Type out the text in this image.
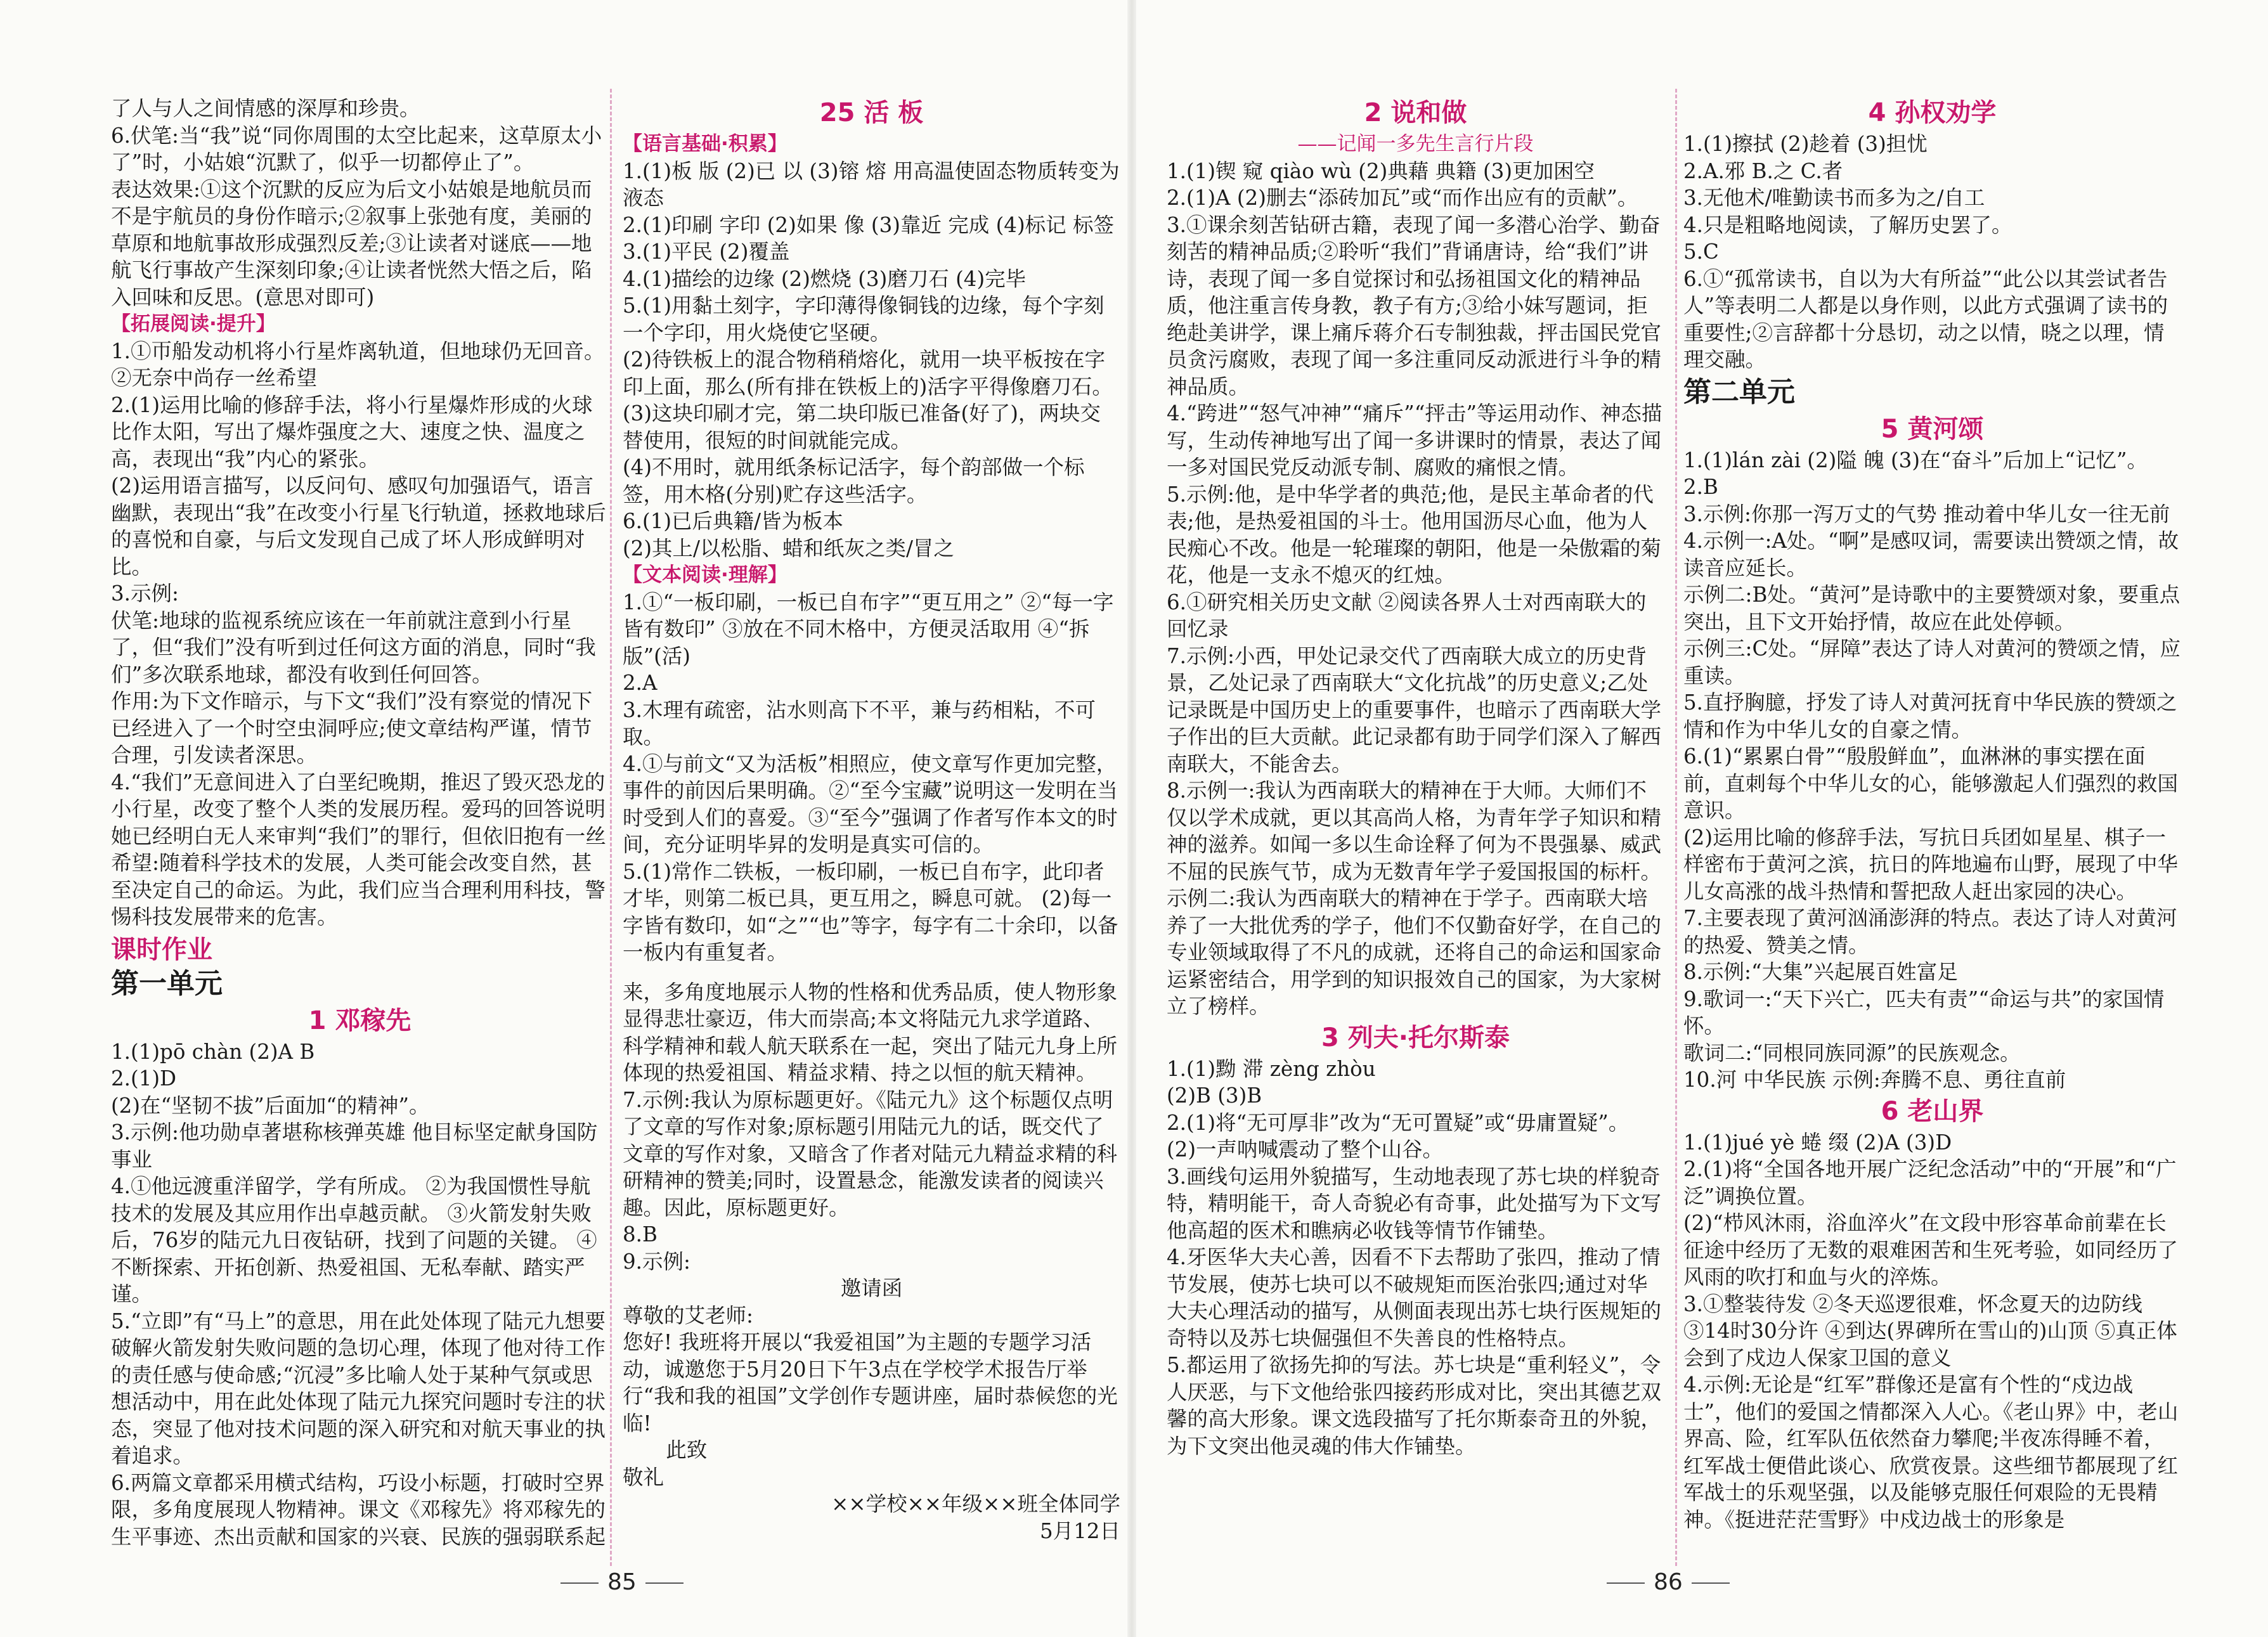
了人与人之间情感的深厚和珍贵。

6.伏笔:当“我”说“同你周围的太空比起来，这草原太小了”时，小姑娘“沉默了，似乎一切都停止了”。

表达效果:①这个沉默的反应为后文小姑娘是地航员而不是宇航员的身份作暗示;②叙事上张弛有度，美丽的草原和地航事故形成强烈反差;③让读者对谜底——地航飞行事故产生深刻印象;④让读者恍然大悟之后，陷入回味和反思。(意思对即可)

【拓展阅读·提升】

1.①帀船发动机将小行星炸离轨道，但地球仍无回音。 ②无奈中尚存一丝希望

2.(1)运用比喻的修辞手法，将小行星爆炸形成的火球比作太阳，写出了爆炸强度之大、速度之快、温度之高，表现出“我”内心的紧张。

(2)运用语言描写，以反问句、感叹句加强语气，语言幽默，表现出“我”在改变小行星飞行轨道，拯救地球后的喜悦和自豪，与后文发现自己成了坏人形成鲜明对比。

3.示例:

伏笔:地球的监视系统应该在一年前就注意到小行星了，但“我们”没有听到过任何这方面的消息，同时“我们”多次联系地球，都没有收到任何回答。

作用:为下文作暗示，与下文“我们”没有察觉的情况下已经进入了一个时空虫洞呼应;使文章结构严谨，情节合理，引发读者深思。

4.“我们”无意间进入了白垩纪晚期，推迟了毁灭恐龙的小行星，改变了整个人类的发展历程。爱玛的回答说明她已经明白无人来审判“我们”的罪行，但依旧抱有一丝希望:随着科学技术的发展，人类可能会改变自然，甚至决定自己的命运。为此，我们应当合理利用科技，警惕科技发展带来的危害。

课时作业

第一单元

1 邓稼先

1.(1)pō chàn (2)A B

2.(1)D

(2)在“坚韧不拔”后面加“的精神”。

3.示例:他功勋卓著堪称核弹英雄 他目标坚定献身国防事业

4.①他远渡重洋留学，学有所成。 ②为我国惯性导航技术的发展及其应用作出卓越贡献。 ③火箭发射失败后，76岁的陆元九日夜钻研，找到了问题的关键。 ④不断探索、开拓创新、热爱祖国、无私奉献、踏实严谨。

5.“立即”有“马上”的意思，用在此处体现了陆元九想要破解火箭发射失败问题的急切心理，体现了他对待工作的责任感与使命感;“沉浸”多比喻人处于某种气氛或思想活动中，用在此处体现了陆元九探究问题时专注的状态，突显了他对技术问题的深入研究和对航天事业的执着追求。

6.两篇文章都采用横式结构，巧设小标题，打破时空界限，多角度展现人物精神。课文《邓稼先》将邓稼先的生平事迹、杰出贡献和国家的兴衰、民族的强弱联系起

25 活 板

【语言基础·积累】

1.(1)板 版 (2)已 以 (3)镕 熔 用高温使固态物质转变为液态

2.(1)印刷 字印 (2)如果 像 (3)靠近 完成 (4)标记 标签

3.(1)平民 (2)覆盖

4.(1)描绘的边缘 (2)燃烧 (3)磨刀石 (4)完毕

5.(1)用黏土刻字，字印薄得像铜钱的边缘，每个字刻一个字印，用火烧使它坚硬。

(2)待铁板上的混合物稍稍熔化，就用一块平板按在字印上面，那么(所有排在铁板上的)活字平得像磨刀石。

(3)这块印刷才完，第二块印版已准备(好了)，两块交替使用，很短的时间就能完成。

(4)不用时，就用纸条标记活字，每个韵部做一个标签，用木格(分别)贮存这些活字。

6.(1)已后典籍/皆为板本

(2)其上/以松脂、蜡和纸灰之类/冒之

【文本阅读·理解】

1.①“一板印刷，一板已自布字”“更互用之” ②“每一字皆有数印” ③放在不同木格中，方便灵活取用 ④“拆版”(活)

2.A

3.木理有疏密，沾水则高下不平，兼与药相粘，不可取。

4.①与前文“又为活板”相照应，使文章写作更加完整，事件的前因后果明确。②“至今宝藏”说明这一发明在当时受到人们的喜爱。③“至今”强调了作者写作本文的时间，充分证明毕昇的发明是真实可信的。

5.(1)常作二铁板，一板印刷，一板已自布字，此印者才毕，则第二板已具，更互用之，瞬息可就。 (2)每一字皆有数印，如“之”“也”等字，每字有二十余印，以备一板内有重复者。

来，多角度地展示人物的性格和优秀品质，使人物形象显得悲壮豪迈，伟大而崇高;本文将陆元九求学道路、科学精神和载人航天联系在一起，突出了陆元九身上所体现的热爱祖国、精益求精、持之以恒的航天精神。

7.示例:我认为原标题更好。《陆元九》这个标题仅点明了文章的写作对象;原标题引用陆元九的话，既交代了文章的写作对象，又暗含了作者对陆元九精益求精的科研精神的赞美;同时，设置悬念，能激发读者的阅读兴趣。因此，原标题更好。

8.B

9.示例:

邀请函

尊敬的艾老师:

您好! 我班将开展以“我爱祖国”为主题的专题学习活动，诚邀您于5月20日下午3点在学校学术报告厅举行“我和我的祖国”文学创作专题讲座，届时恭候您的光临!

此致

敬礼

××学校××年级××班全体同学

5月12日

2 说和做

——记闻一多先生言行片段

1.(1)锲 窥 qiào wù (2)典藉 典籍 (3)更加困空

2.(1)A (2)删去“添砖加瓦”或“而作出应有的贡献”。

3.①课余刻苦钻研古籍，表现了闻一多潜心治学、勤奋刻苦的精神品质;②聆听“我们”背诵唐诗，给“我们”讲诗，表现了闻一多自觉探讨和弘扬祖国文化的精神品质，他注重言传身教，教子有方;③给小妹写题词，拒绝赴美讲学，课上痛斥蒋介石专制独裁，抨击国民党官员贪污腐败，表现了闻一多注重同反动派进行斗争的精神品质。

4.“跨进”“怒气冲神”“痛斥”“抨击”等运用动作、神态描写，生动传神地写出了闻一多讲课时的情景，表达了闻一多对国民党反动派专制、腐败的痛恨之情。

5.示例:他，是中华学者的典范;他，是民主革命者的代表;他，是热爱祖国的斗士。他用国沥尽心血，他为人民痴心不改。他是一轮璀璨的朝阳，他是一朵傲霜的菊花，他是一支永不熄灭的红烛。

6.①研究相关历史文献 ②阅读各界人士对西南联大的回忆录

7.示例:小西，甲处记录交代了西南联大成立的历史背景，乙处记录了西南联大“文化抗战”的历史意义;乙处记录既是中国历史上的重要事件，也暗示了西南联大学子作出的巨大贡献。此记录都有助于同学们深入了解西南联大，不能舍去。

8.示例一:我认为西南联大的精神在于大师。大师们不仅以学术成就，更以其高尚人格，为青年学子知识和精神的滋养。如闻一多以生命诠释了何为不畏强暴、威武不屈的民族气节，成为无数青年学子爱国报国的标杆。

示例二:我认为西南联大的精神在于学子。西南联大培养了一大批优秀的学子，他们不仅勤奋好学，在自己的专业领域取得了不凡的成就，还将自己的命运和国家命运紧密结合，用学到的知识报效自己的国家，为大家树立了榜样。

3 列夫·托尔斯泰

1.(1)黝 滞 zèng zhòu

(2)B (3)B

2.(1)将“无可厚非”改为“无可置疑”或“毋庸置疑”。

(2)一声呐喊震动了整个山谷。

3.画线句运用外貌描写，生动地表现了苏七块的样貌奇特，精明能干，奇人奇貌必有奇事，此处描写为下文写他高超的医术和瞧病必收钱等情节作铺垫。

4.牙医华大夫心善，因看不下去帮助了张四，推动了情节发展，使苏七块可以不破规矩而医治张四;通过对华大夫心理活动的描写，从侧面表现出苏七块行医规矩的奇特以及苏七块倔强但不失善良的性格特点。

5.都运用了欲扬先抑的写法。苏七块是“重利轻义”，令人厌恶，与下文他给张四接药形成对比，突出其德艺双馨的高大形象。课文选段描写了托尔斯泰奇丑的外貌，为下文突出他灵魂的伟大作铺垫。

4 孙权劝学

1.(1)擦拭 (2)趁着 (3)担忧

2.A.邪 B.之 C.者

3.无他术/唯勤读书而多为之/自工

4.只是粗略地阅读，了解历史罢了。

5.C

6.①“孤常读书，自以为大有所益”“此公以其尝试者告人”等表明二人都是以身作则，以此方式强调了读书的重要性;②言辞都十分恳切，动之以情，晓之以理，情理交融。

第二单元

5 黄河颂

1.(1)lán zài (2)隘 魄 (3)在“奋斗”后加上“记忆”。

2.B

3.示例:你那一泻万丈的气势 推动着中华儿女一往无前

4.示例一:A处。“啊”是感叹词，需要读出赞颂之情，故读音应延长。

示例二:B处。“黄河”是诗歌中的主要赞颂对象，要重点突出，且下文开始抒情，故应在此处停顿。

示例三:C处。“屏障”表达了诗人对黄河的赞颂之情，应重读。

5.直抒胸臆，抒发了诗人对黄河抚育中华民族的赞颂之情和作为中华儿女的自豪之情。

6.(1)“累累白骨”“殷殷鲜血”，血淋淋的事实摆在面前，直刺每个中华儿女的心，能够激起人们强烈的救国意识。

(2)运用比喻的修辞手法，写抗日兵团如星星、棋子一样密布于黄河之滨，抗日的阵地遍布山野，展现了中华儿女高涨的战斗热情和誓把敌人赶出家园的决心。

7.主要表现了黄河汹涌澎湃的特点。表达了诗人对黄河的热爱、赞美之情。

8.示例:“大集”兴起展百姓富足

9.歌词一:“天下兴亡，匹夫有责”“命运与共”的家国情怀。

歌词二:“同根同族同源”的民族观念。

10.河 中华民族 示例:奔腾不息、勇往直前

6 老山界

1.(1)jué yè 蜷 缀 (2)A (3)D

2.(1)将“全国各地开展广泛纪念活动”中的“开展”和“广泛”调换位置。

(2)“栉风沐雨，浴血淬火”在文段中形容革命前辈在长征途中经历了无数的艰难困苦和生死考验，如同经历了风雨的吹打和血与火的淬炼。

3.①整装待发 ②冬天巡逻很难，怀念夏天的边防线 ③14时30分许 ④到达(界碑所在雪山的)山顶 ⑤真正体会到了戍边人保家卫国的意义

4.示例:无论是“红军”群像还是富有个性的“戍边战士”，他们的爱国之情都深入人心。《老山界》中，老山界高、险，红军队伍依然奋力攀爬;半夜冻得睡不着，红军战士便借此谈心、欣赏夜景。这些细节都展现了红军战士的乐观坚强，以及能够克服任何艰险的无畏精神。《挺进茫茫雪野》中戍边战士的形象是

85	86
